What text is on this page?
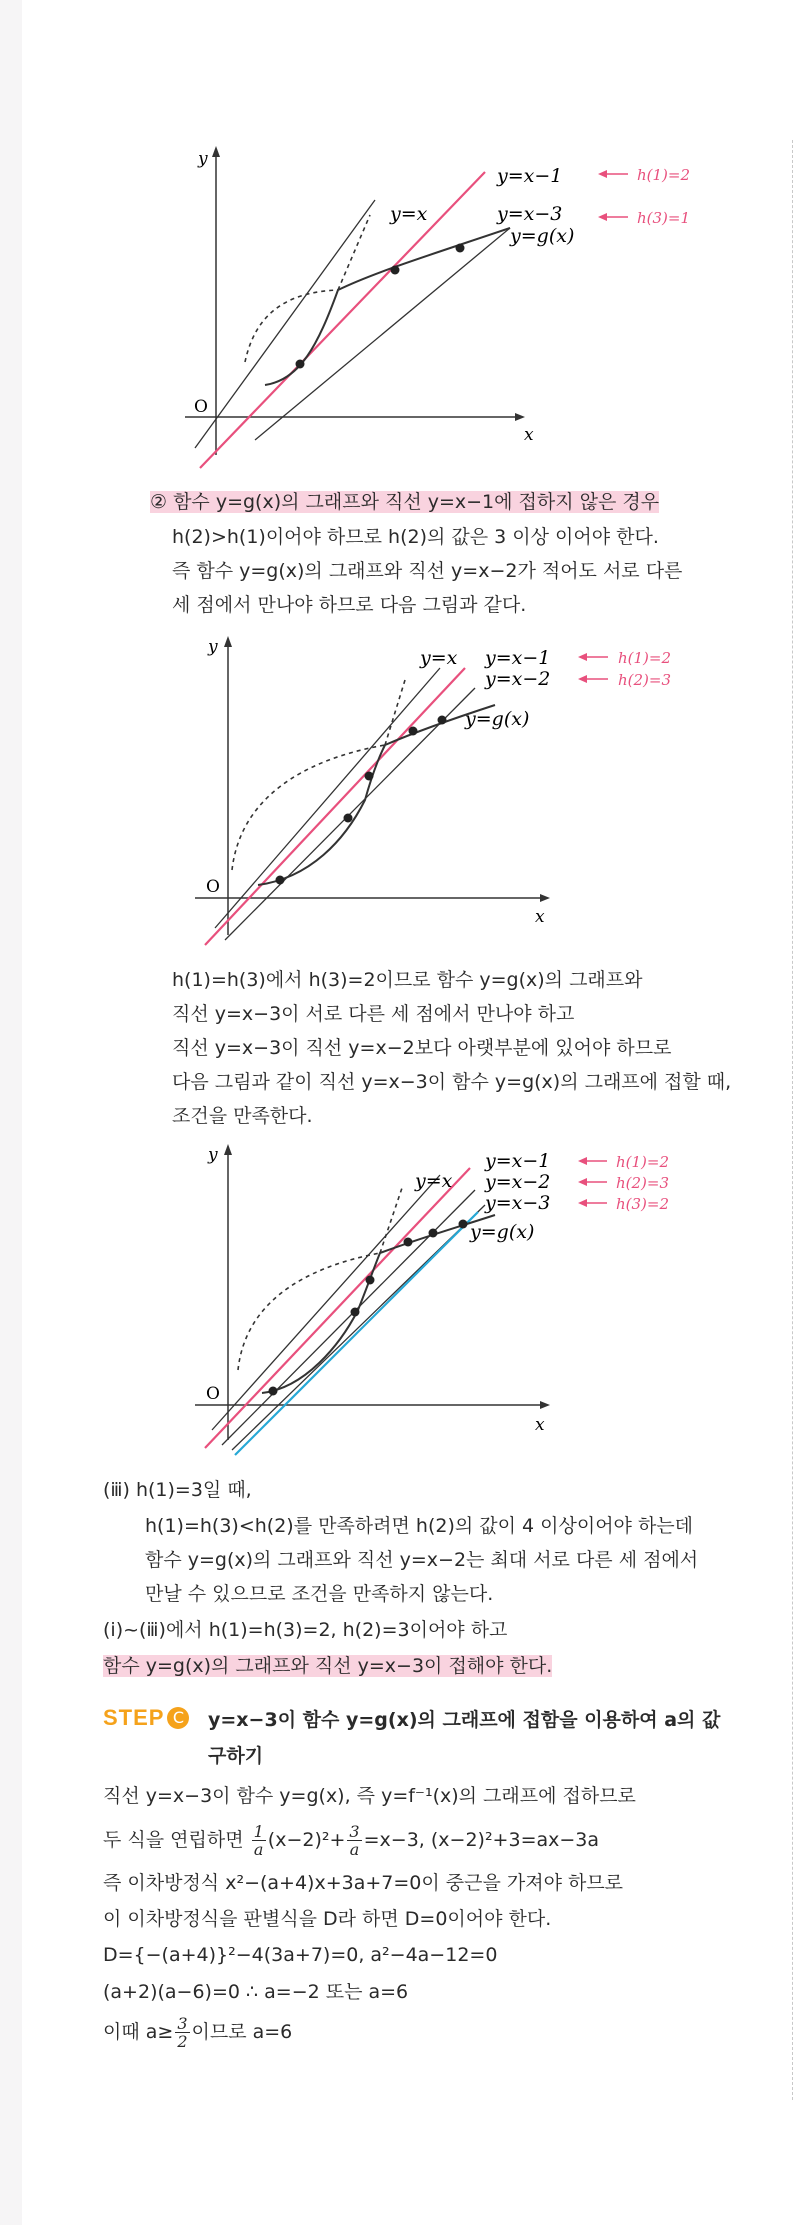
y
x
O
y=x
y=x−1
y=x−3
y=g(x)
h(1)=2
h(3)=1
② 함수 y=g(x)의 그래프와 직선 y=x−1에 접하지 않은 경우
h(2)>h(1)이어야 하므로 h(2)의 값은 3 이상 이어야 한다.
즉 함수 y=g(x)의 그래프와 직선 y=x−2가 적어도 서로 다른
세 점에서 만나야 하므로 다음 그림과 같다.
y
x
O
y=x y=x−1
y=x−2
y=g(x)
h(1)=2
h(2)=3
h(1)=h(3)에서 h(3)=2이므로 함수 y=g(x)의 그래프와
직선 y=x−3이 서로 다른 세 점에서 만나야 하고
직선 y=x−3이 직선 y=x−2보다 아랫부분에 있어야 하므로
다음 그림과 같이 직선 y=x−3이 함수 y=g(x)의 그래프에 접할 때,
조건을 만족한다.
y
x
O
y=x
y=x−1
y=x−2
y=x−3
y=g(x)
h(1)=2
h(2)=3
h(3)=2
(ⅲ) h(1)=3일 때,
h(1)=h(3)<h(2)를 만족하려면 h(2)의 값이 4 이상이어야 하는데
함수 y=g(x)의 그래프와 직선 y=x−2는 최대 서로 다른 세 점에서
만날 수 있으므로 조건을 만족하지 않는다.
(ⅰ)~(ⅲ)에서 h(1)=h(3)=2, h(2)=3이어야 하고
함수 y=g(x)의 그래프와 직선 y=x−3이 접해야 한다.
STEP C y=x−3이 함수 y=g(x)의 그래프에 접함을 이용하여 a의 값
구하기
직선 y=x−3이 함수 y=g(x), 즉 y=f⁻¹(x)의 그래프에 접하므로
두 식을 연립하면 $\frac{1}{a} (x-2)^2+ \frac{3}{a} =x-3$, (x−2)²+3=ax−3a
즉 이차방정식 x²−(a+4)x+3a+7=0이 중근을 가져야 하므로
이 이차방정식을 판별식을 D라 하면 D=0이어야 한다.
D={−(a+4)}²−4(3a+7)=0, a²−4a−12=0
(a+2)(a−6)=0 ∴ a=−2 또는 a=6
이때 $a\ge \frac{3}{2}$ 이므로 a=6
